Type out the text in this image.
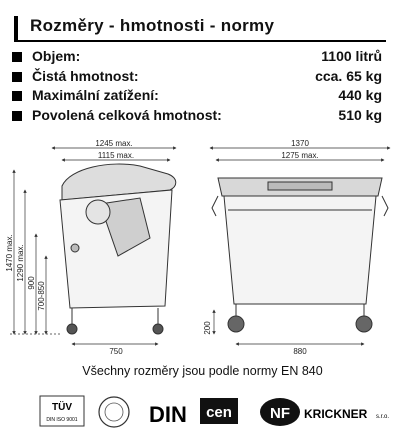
Rozměry - hmotnosti - normy
Objem:	1100 litrů
Čistá hmotnost:	cca. 65 kg
Maximální zatížení:	440 kg
Povolená celková hmotnost:	510 kg
1245 max.
1115 max.
750
1470 max. 1290 max.
900 700-850
1370
1275 max.
880
200
Všechny rozměry jsou podle normy EN 840
TÜV
DIN ISO 9001	DIN cen	NF KRICKNER s.r.o.
